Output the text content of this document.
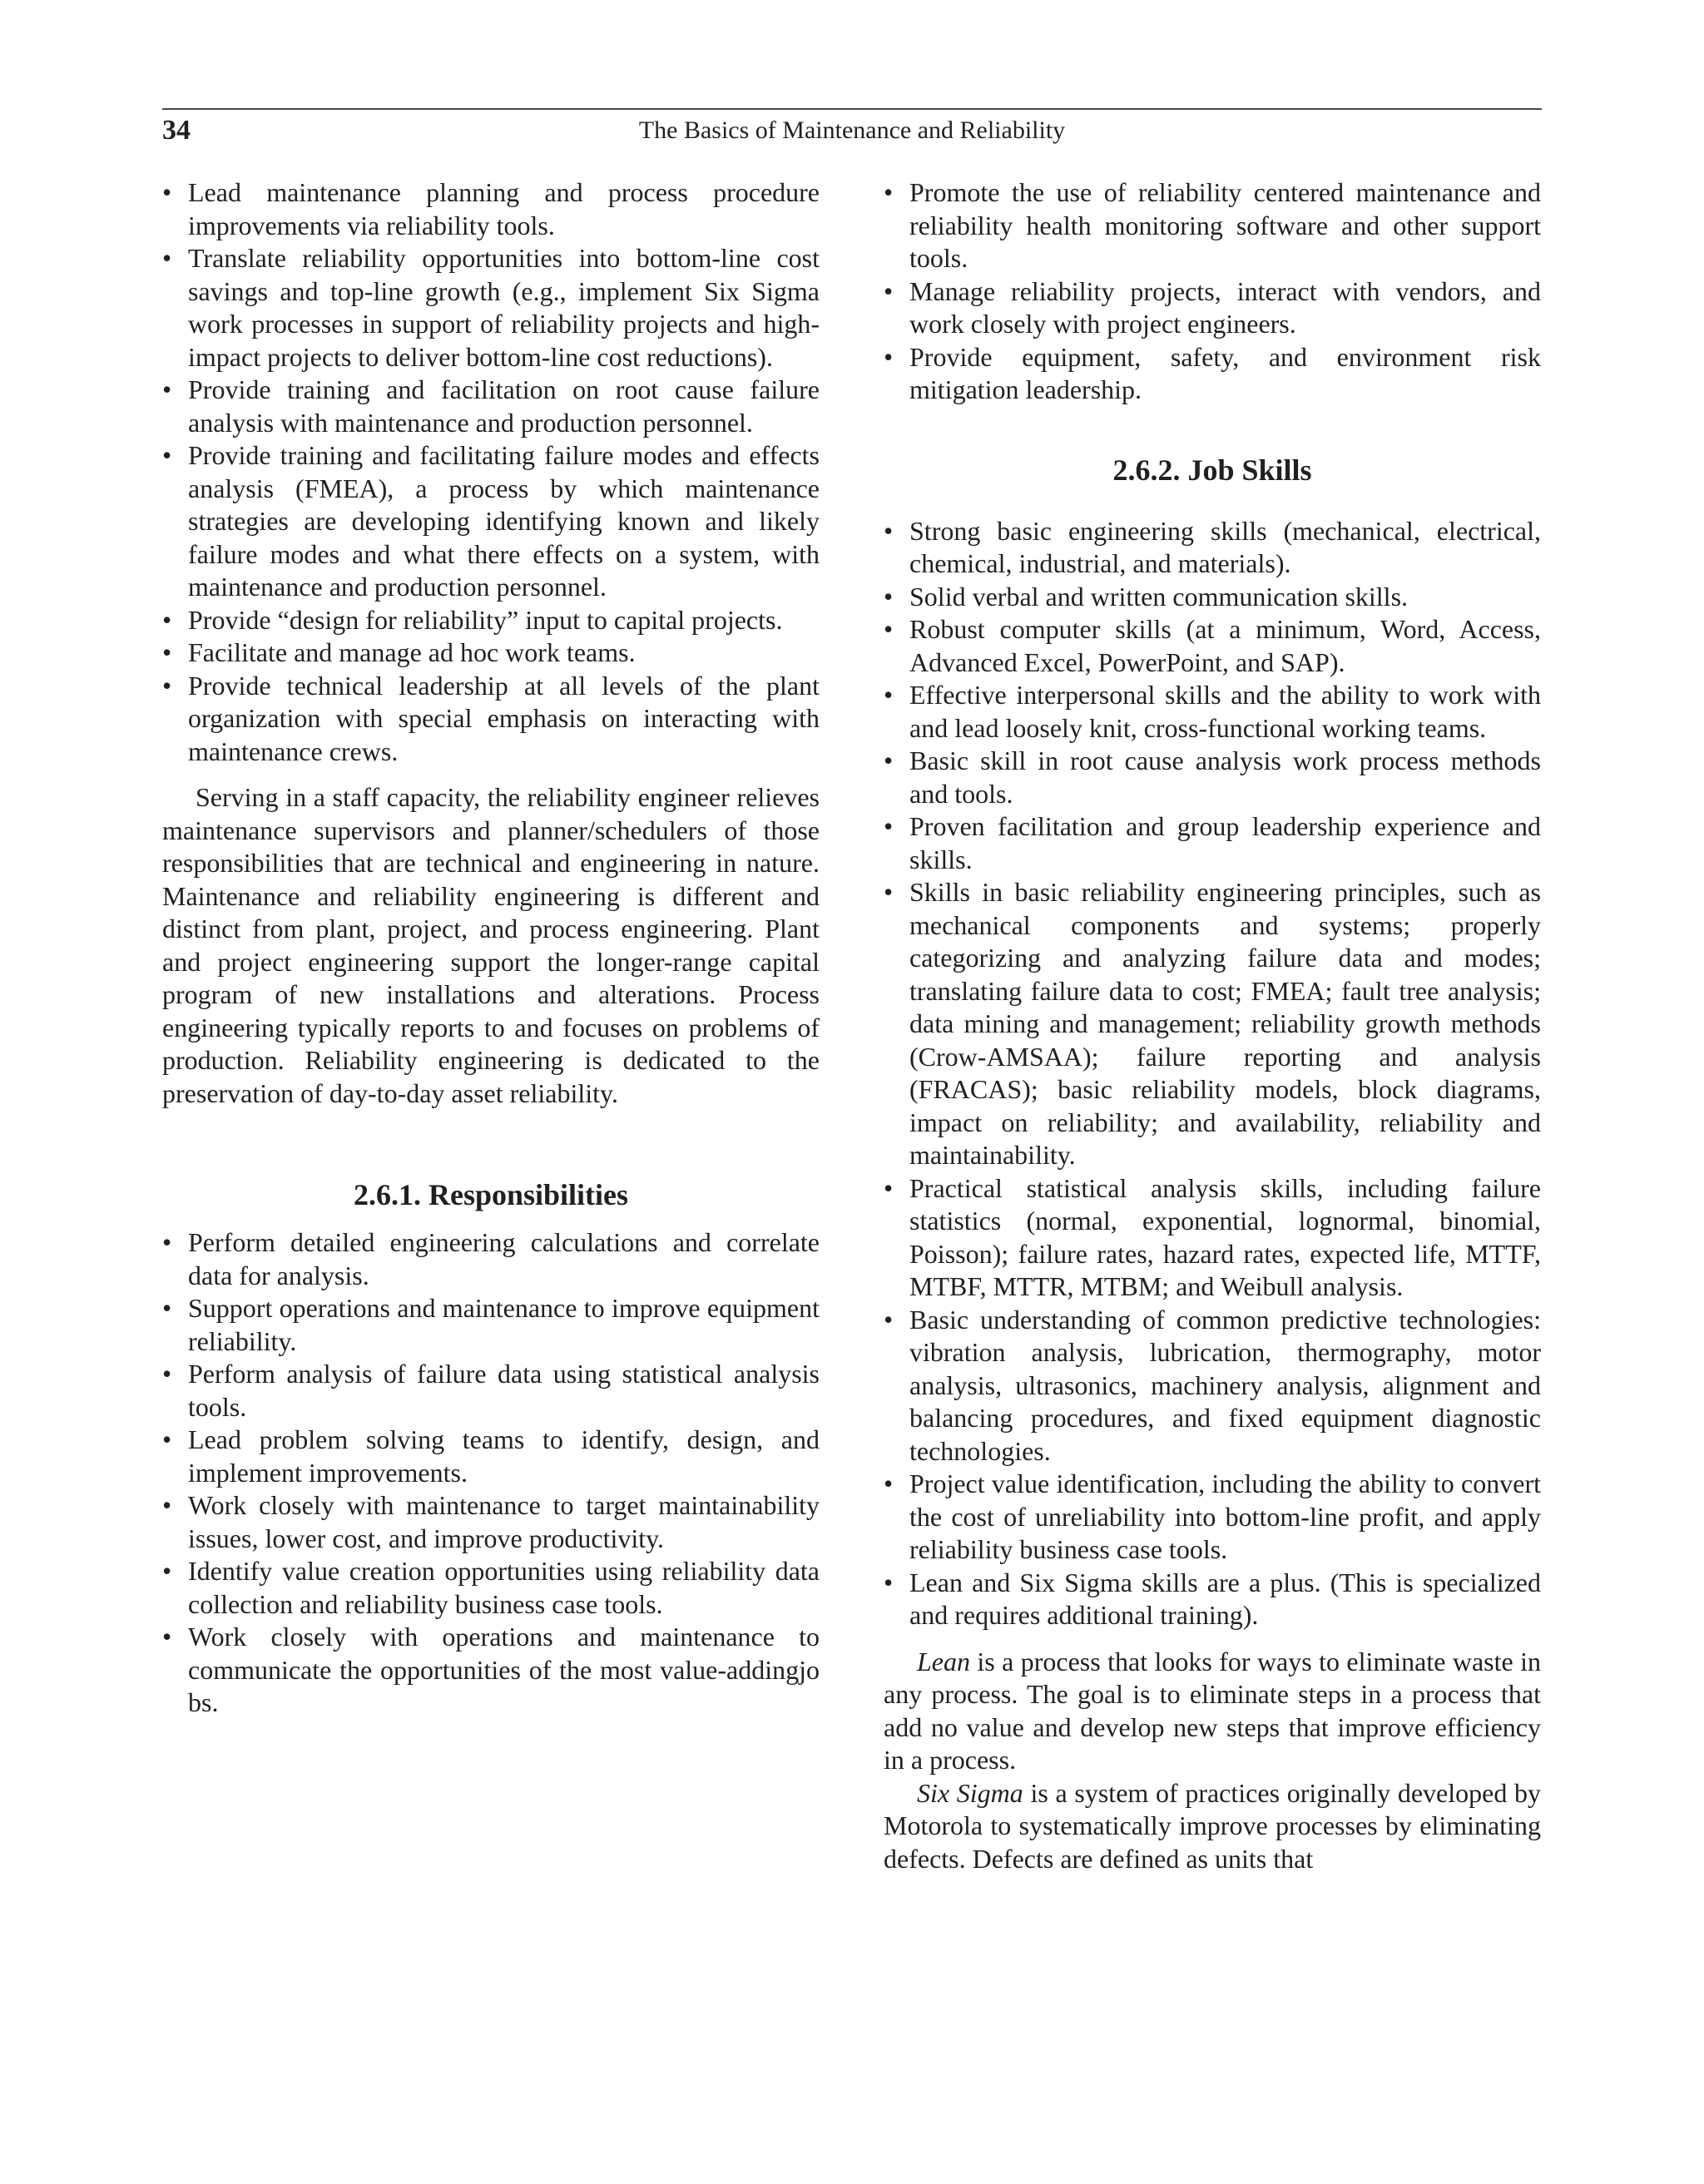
34	The Basics of Maintenance and Reliability
• Lead maintenance planning and process procedure improvements via reliability tools.
• Translate reliability opportunities into bottom-line cost savings and top-line growth (e.g., implement Six Sigma work processes in support of reliability projects and high-impact projects to deliver bottom-line cost reductions).
• Provide training and facilitation on root cause failure analysis with maintenance and production personnel.
• Provide training and facilitating failure modes and effects analysis (FMEA), a process by which maintenance strategies are developing identifying known and likely failure modes and what there effects on a system, with maintenance and production personnel.
• Provide “design for reliability” input to capital projects.
• Facilitate and manage ad hoc work teams.
• Provide technical leadership at all levels of the plant organization with special emphasis on interacting with maintenance crews.

Serving in a staff capacity, the reliability engineer relieves maintenance supervisors and planner/schedulers of those responsibilities that are technical and engineering in nature. Maintenance and reliability engineering is different and distinct from plant, project, and process engineering. Plant and project engineering support the longer-range capital program of new installations and alterations. Process engineering typically reports to and focuses on problems of production. Reliability engineering is dedicated to the preservation of day-to-day asset reliability.

2.6.1. Responsibilities
• Perform detailed engineering calculations and correlate data for analysis.
• Support operations and maintenance to improve equipment reliability.
• Perform analysis of failure data using statistical analysis tools.
• Lead problem solving teams to identify, design, and implement improvements.
• Work closely with maintenance to target maintainability issues, lower cost, and improve productivity.
• Identify value creation opportunities using reliability data collection and reliability business case tools.
• Work closely with operations and maintenance to communicate the opportunities of the most value-addingjo bs.
• Promote the use of reliability centered maintenance and reliability health monitoring software and other support tools.
• Manage reliability projects, interact with vendors, and work closely with project engineers.
• Provide equipment, safety, and environment risk mitigation leadership.
2.6.2. Job Skills
• Strong basic engineering skills (mechanical, electrical, chemical, industrial, and materials).
• Solid verbal and written communication skills.
• Robust computer skills (at a minimum, Word, Access, Advanced Excel, PowerPoint, and SAP).
• Effective interpersonal skills and the ability to work with and lead loosely knit, cross-functional working teams.
• Basic skill in root cause analysis work process methods and tools.
• Proven facilitation and group leadership experience and skills.
• Skills in basic reliability engineering principles, such as mechanical components and systems; properly categorizing and analyzing failure data and modes; translating failure data to cost; FMEA; fault tree analysis; data mining and management; reliability growth methods (Crow-AMSAA); failure reporting and analysis (FRACAS); basic reliability models, block diagrams, impact on reliability; and availability, reliability and maintainability.
• Practical statistical analysis skills, including failure statistics (normal, exponential, lognormal, binomial, Poisson); failure rates, hazard rates, expected life, MTTF, MTBF, MTTR, MTBM; and Weibull analysis.
• Basic understanding of common predictive technologies: vibration analysis, lubrication, thermography, motor analysis, ultrasonics, machinery analysis, alignment and balancing procedures, and fixed equipment diagnostic technologies.
• Project value identification, including the ability to convert the cost of unreliability into bottom-line profit, and apply reliability business case tools.
• Lean and Six Sigma skills are a plus. (This is specialized and requires additional training).

Lean is a process that looks for ways to eliminate waste in any process. The goal is to eliminate steps in a process that add no value and develop new steps that improve efficiency in a process.

Six Sigma is a system of practices originally developed by Motorola to systematically improve processes by eliminating defects. Defects are defined as units that
